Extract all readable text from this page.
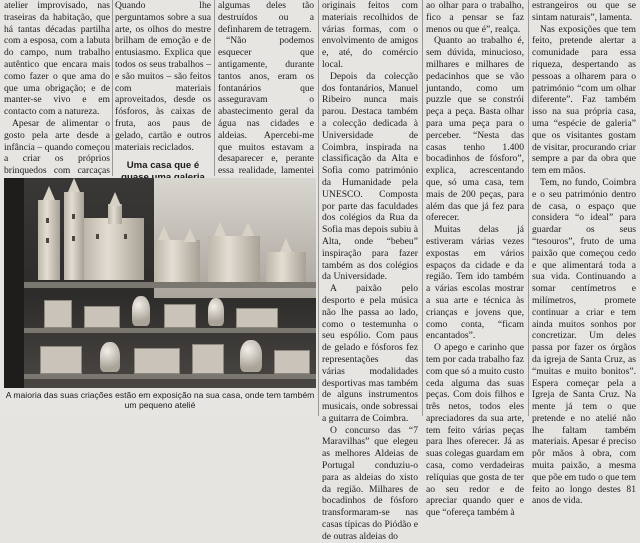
atelier improvisado, nas traseiras da habitação, que há tantas décadas partilha com a esposa, com a labuta do campo, num trabalho autêntico que encara mais como fazer o que ama do que uma obrigação; e de manter-se vivo e em contacto com a natureza.

Apesar de alimentar o gosto pela arte desde a infância – quando começou a criar os próprios brinquedos com carcaças

Quando lhe perguntamos sobre a sua arte, os olhos do mestre brilham de emoção e de entusiasmo. Explica que todos os seus trabalhos – e são muitos – são feitos com materiais aproveitados, desde os fósforos, às caixas de fruta, aos paus de gelado, cartão e outros materiais reciclados.

Uma casa que é

algumas deles tão destruídos ou a definharem de tetragem.

“Não podemos esquecer que antigamente, durante tantos anos, eram os fontanários que asseguravam o abastecimento geral da água nas cidades e aldeias. Apercebi-me que muitos estavam a desaparecer e, perante essa realidade, lamentei

originais feitos com materiais recolhidos de várias formas, com o envolvimento de amigos e, até, do comércio local.

Depois da colecção dos fontanários, Manuel Ribeiro nunca mais parou. Destaca também a colecção dedicada à Universidade de Coimbra, inspirada na classificação da Alta e Sofia como património da Humanidade pela UNESCO. Composta por parte das faculdades dos colégios da Rua da Sofia mas depois subiu à Alta, onde “bebeu” inspiração para fazer também as dos colégios da Universidade.

A paixão pelo desporto e pela música não lhe passa ao lado, como o testemunha o seu espólio. Com paus de gelado e fósforos fez representações das várias modalidades desportivas mas também de alguns instrumentos musicais, onde sobressai a guitarra de Coimbra.

O concurso das “7 Maravilhas” que elegeu as melhores Aldeias de Portugal conduziu-o para as aldeias do xisto da região. Milhares de bocadinhos de fósforo transformaram-se nas casas típicas do Piódão e de outras aldeias do

ao olhar para o trabalho, fico a pensar se faz menos ou que é”, realça.

Quanto ao trabalho é, sem dúvida, minucioso, milhares e milhares de pedacinhos que se vão juntando, como um puzzle que se constrói peça a peça. Basta olhar para uma peça para o perceber. “Nesta das casas tenho 1.400 bocadinhos de fósforo”, explica, acrescentando que, só uma casa, tem mais de 200 peças, para além das que já fez para oferecer.

Muitas delas já estiveram várias vezes expostas em vários espaços da cidade e da região. Tem ido também a várias escolas mostrar a sua arte e técnica às crianças e jovens que, como conta, “ficam encantados”.

O apego e carinho que tem por cada trabalho faz com que só a muito custo ceda alguma das suas peças. Com dois filhos e três netos, todos eles apreciadores da sua arte, tem feito várias peças para lhes oferecer. Já as suas colegas guardam em casa, como verdadeiras relíquias que gosta de ter ao seu redor e de apreciar quando quer e que “ofereça também à

estrangeiros ou que se sintam naturais”, lamenta.

Nas exposições que tem feito, pretende alertar a comunidade para essa riqueza, despertando as pessoas a olharem para o património “com um olhar diferente”. Faz também isso na sua própria casa, uma “espécie de galeria” que os visitantes gostam de visitar, procurando criar sempre a par da obra que tem em mãos.

Tem, no fundo, Coimbra e o seu património dentro de casa, o espaço que considera “o ideal” para guardar os seus “tesouros”, fruto de uma paixão que começou cedo e que alimentará toda a sua vida. Continuando a somar centímetros e milímetros, promete continuar a criar e tem ainda muitos sonhos por concretizar. Um deles passa por fazer os órgãos da igreja de Santa Cruz, as “muitas e muito bonitos”. Espera começar pela a Igreja de Santa Cruz. Na mente já tem o que pretende e no atelié não lhe faltam também materiais. Apesar é preciso pôr mãos à obra, com muita paixão, a mesma que põe em tudo o que tem feito ao longo destes 81 anos de vida.

A maioria das suas criações estão em exposição na sua casa, onde tem também um pequeno atelié
